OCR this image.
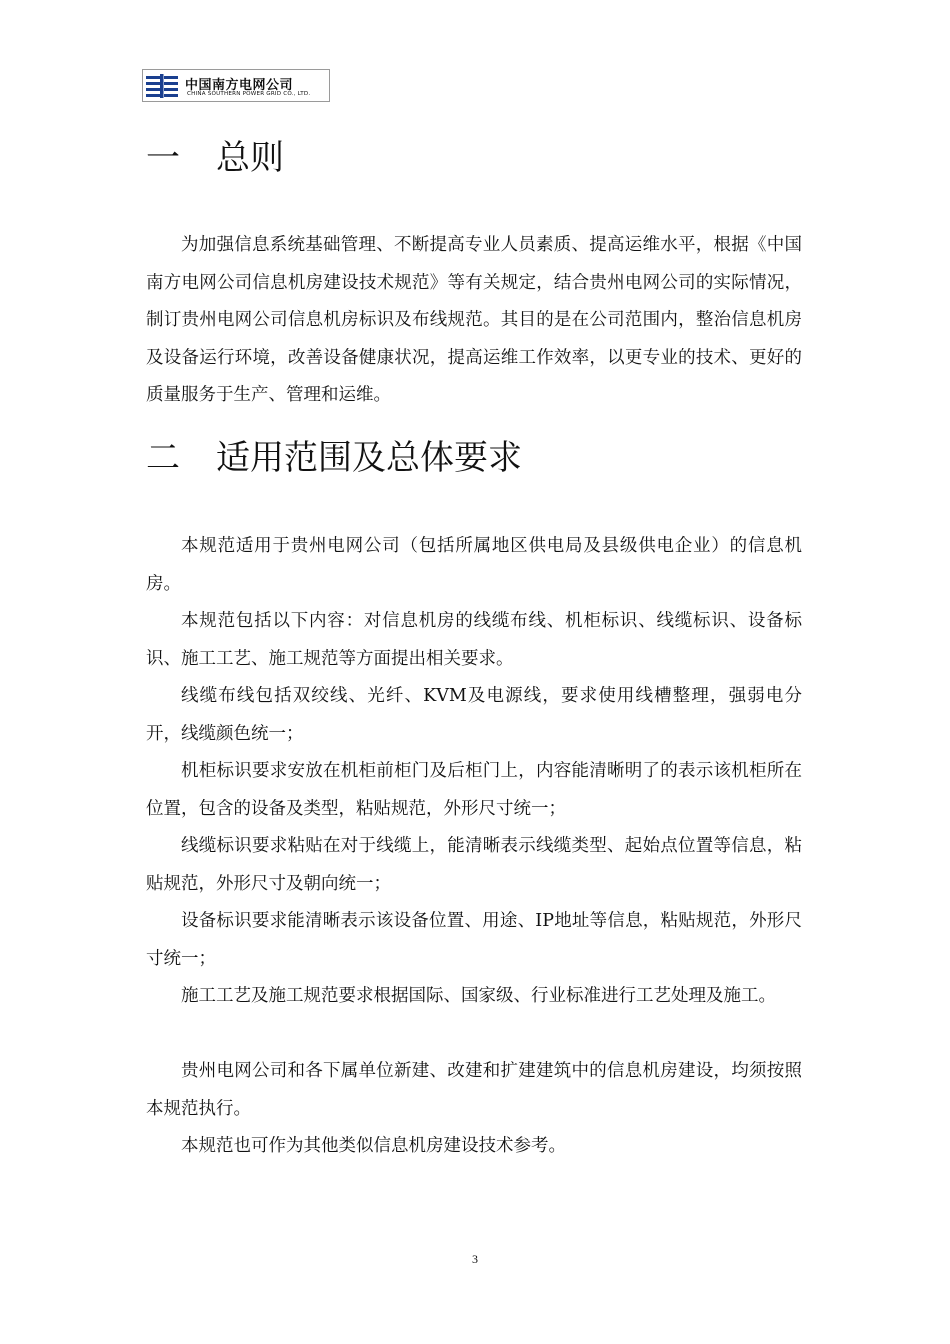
中国南方电网公司
CHINA SOUTHERN POWER GRID CO., LTD.
一 总则

为加强信息系统基础管理、不断提高专业人员素质、提高运维水平，根据《中国南方电网公司信息机房建设技术规范》等有关规定，结合贵州电网公司的实际情况，制订贵州电网公司信息机房标识及布线规范。其目的是在公司范围内，整治信息机房及设备运行环境，改善设备健康状况，提高运维工作效率，以更专业的技术、更好的质量服务于生产、管理和运维。

二 适用范围及总体要求

本规范适用于贵州电网公司（包括所属地区供电局及县级供电企业）的信息机房。

本规范包括以下内容：对信息机房的线缆布线、机柜标识、线缆标识、设备标识、施工工艺、施工规范等方面提出相关要求。

线缆布线包括双绞线、光纤、KVM及电源线，要求使用线槽整理，强弱电分开，线缆颜色统一；

机柜标识要求安放在机柜前柜门及后柜门上，内容能清晰明了的表示该机柜所在位置，包含的设备及类型，粘贴规范，外形尺寸统一；

线缆标识要求粘贴在对于线缆上，能清晰表示线缆类型、起始点位置等信息，粘贴规范，外形尺寸及朝向统一；

设备标识要求能清晰表示该设备位置、用途、IP地址等信息，粘贴规范，外形尺寸统一；

施工工艺及施工规范要求根据国际、国家级、行业标准进行工艺处理及施工。

贵州电网公司和各下属单位新建、改建和扩建建筑中的信息机房建设，均须按照本规范执行。

本规范也可作为其他类似信息机房建设技术参考。

3
